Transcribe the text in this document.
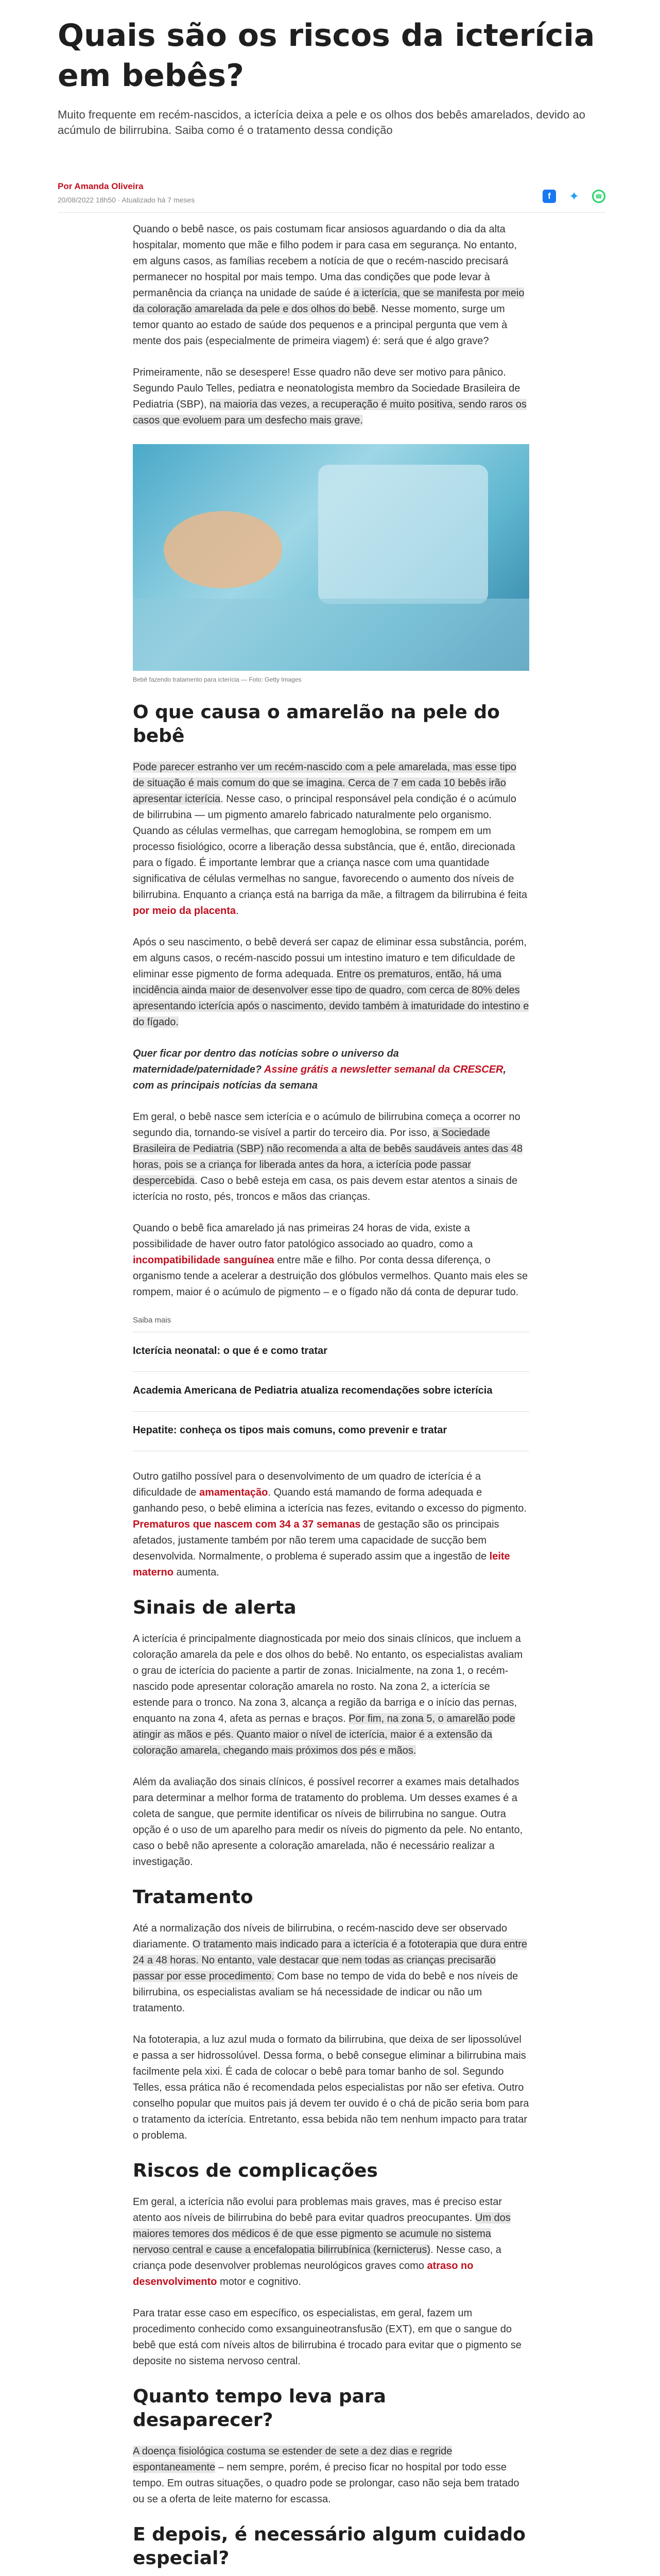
Quais são os riscos da icterícia em bebês?

Muito frequente em recém-nascidos, a icterícia deixa a pele e os olhos dos bebês amarelados, devido ao acúmulo de bilirrubina. Saiba como é o tratamento dessa condição

Por Amanda Oliveira
20/08/2022 18h50 · Atualizado há 7 meses	f	✦	☎

Quando o bebê nasce, os pais costumam ficar ansiosos aguardando o dia da alta hospitalar, momento que mãe e filho podem ir para casa em segurança. No entanto, em alguns casos, as famílias recebem a notícia de que o recém-nascido precisará permanecer no hospital por mais tempo. Uma das condições que pode levar à permanência da criança na unidade de saúde é a icterícia, que se manifesta por meio da coloração amarelada da pele e dos olhos do bebê. Nesse momento, surge um temor quanto ao estado de saúde dos pequenos e a principal pergunta que vem à mente dos pais (especialmente de primeira viagem) é: será que é algo grave?

Primeiramente, não se desespere! Esse quadro não deve ser motivo para pânico. Segundo Paulo Telles, pediatra e neonatologista membro da Sociedade Brasileira de Pediatria (SBP), na maioria das vezes, a recuperação é muito positiva, sendo raros os casos que evoluem para um desfecho mais grave.

Bebê fazendo tratamento para icterícia — Foto: Getty Images
O que causa o amarelão na pele do bebê

Pode parecer estranho ver um recém-nascido com a pele amarelada, mas esse tipo de situação é mais comum do que se imagina. Cerca de 7 em cada 10 bebês irão apresentar icterícia. Nesse caso, o principal responsável pela condição é o acúmulo de bilirrubina — um pigmento amarelo fabricado naturalmente pelo organismo. Quando as células vermelhas, que carregam hemoglobina, se rompem em um processo fisiológico, ocorre a liberação dessa substância, que é, então, direcionada para o fígado. É importante lembrar que a criança nasce com uma quantidade significativa de células vermelhas no sangue, favorecendo o aumento dos níveis de bilirrubina. Enquanto a criança está na barriga da mãe, a filtragem da bilirrubina é feita por meio da placenta.

Após o seu nascimento, o bebê deverá ser capaz de eliminar essa substância, porém, em alguns casos, o recém-nascido possui um intestino imaturo e tem dificuldade de eliminar esse pigmento de forma adequada. Entre os prematuros, então, há uma incidência ainda maior de desenvolver esse tipo de quadro, com cerca de 80% deles apresentando icterícia após o nascimento, devido também à imaturidade do intestino e do fígado.

Quer ficar por dentro das notícias sobre o universo da maternidade/paternidade? Assine grátis a newsletter semanal da CRESCER, com as principais notícias da semana

Em geral, o bebê nasce sem icterícia e o acúmulo de bilirrubina começa a ocorrer no segundo dia, tornando-se visível a partir do terceiro dia. Por isso, a Sociedade Brasileira de Pediatria (SBP) não recomenda a alta de bebês saudáveis antes das 48 horas, pois se a criança for liberada antes da hora, a icterícia pode passar despercebida. Caso o bebê esteja em casa, os pais devem estar atentos a sinais de icterícia no rosto, pés, troncos e mãos das crianças.

Quando o bebê fica amarelado já nas primeiras 24 horas de vida, existe a possibilidade de haver outro fator patológico associado ao quadro, como a incompatibilidade sanguínea entre mãe e filho. Por conta dessa diferença, o organismo tende a acelerar a destruição dos glóbulos vermelhos. Quanto mais eles se rompem, maior é o acúmulo de pigmento – e o fígado não dá conta de depurar tudo.

Saiba mais
Icterícia neonatal: o que é e como tratar
Academia Americana de Pediatria atualiza recomendações sobre icterícia
Hepatite: conheça os tipos mais comuns, como prevenir e tratar

Outro gatilho possível para o desenvolvimento de um quadro de icterícia é a dificuldade de amamentação. Quando está mamando de forma adequada e ganhando peso, o bebê elimina a icterícia nas fezes, evitando o excesso do pigmento. Prematuros que nascem com 34 a 37 semanas de gestação são os principais afetados, justamente também por não terem uma capacidade de sucção bem desenvolvida. Normalmente, o problema é superado assim que a ingestão de leite materno aumenta.

Sinais de alerta

A icterícia é principalmente diagnosticada por meio dos sinais clínicos, que incluem a coloração amarela da pele e dos olhos do bebê. No entanto, os especialistas avaliam o grau de icterícia do paciente a partir de zonas. Inicialmente, na zona 1, o recém-nascido pode apresentar coloração amarela no rosto. Na zona 2, a icterícia se estende para o tronco. Na zona 3, alcança a região da barriga e o início das pernas, enquanto na zona 4, afeta as pernas e braços. Por fim, na zona 5, o amarelão pode atingir as mãos e pés. Quanto maior o nível de icterícia, maior é a extensão da coloração amarela, chegando mais próximos dos pés e mãos.

Além da avaliação dos sinais clínicos, é possível recorrer a exames mais detalhados para determinar a melhor forma de tratamento do problema. Um desses exames é a coleta de sangue, que permite identificar os níveis de bilirrubina no sangue. Outra opção é o uso de um aparelho para medir os níveis do pigmento da pele. No entanto, caso o bebê não apresente a coloração amarelada, não é necessário realizar a investigação.

Tratamento

Até a normalização dos níveis de bilirrubina, o recém-nascido deve ser observado diariamente. O tratamento mais indicado para a icterícia é a fototerapia que dura entre 24 a 48 horas. No entanto, vale destacar que nem todas as crianças precisarão passar por esse procedimento. Com base no tempo de vida do bebê e nos níveis de bilirrubina, os especialistas avaliam se há necessidade de indicar ou não um tratamento.

Na fototerapia, a luz azul muda o formato da bilirrubina, que deixa de ser lipossolúvel e passa a ser hidrossolúvel. Dessa forma, o bebê consegue eliminar a bilirrubina mais facilmente pela xixi. É cada de colocar o bebê para tomar banho de sol. Segundo Telles, essa prática não é recomendada pelos especialistas por não ser efetiva. Outro conselho popular que muitos pais já devem ter ouvido é o chá de picão seria bom para o tratamento da icterícia. Entretanto, essa bebida não tem nenhum impacto para tratar o problema.

Riscos de complicações

Em geral, a icterícia não evolui para problemas mais graves, mas é preciso estar atento aos níveis de bilirrubina do bebê para evitar quadros preocupantes. Um dos maiores temores dos médicos é de que esse pigmento se acumule no sistema nervoso central e cause a encefalopatia bilirrubínica (kernicterus). Nesse caso, a criança pode desenvolver problemas neurológicos graves como atraso no desenvolvimento motor e cognitivo.

Para tratar esse caso em específico, os especialistas, em geral, fazem um procedimento conhecido como exsanguineotransfusão (EXT), em que o sangue do bebê que está com níveis altos de bilirrubina é trocado para evitar que o pigmento se deposite no sistema nervoso central.

Quanto tempo leva para desaparecer?

A doença fisiológica costuma se estender de sete a dez dias e regride espontaneamente – nem sempre, porém, é preciso ficar no hospital por todo esse tempo. Em outras situações, o quadro pode se prolongar, caso não seja bem tratado ou se a oferta de leite materno for escassa.

E depois, é necessário algum cuidado especial?
